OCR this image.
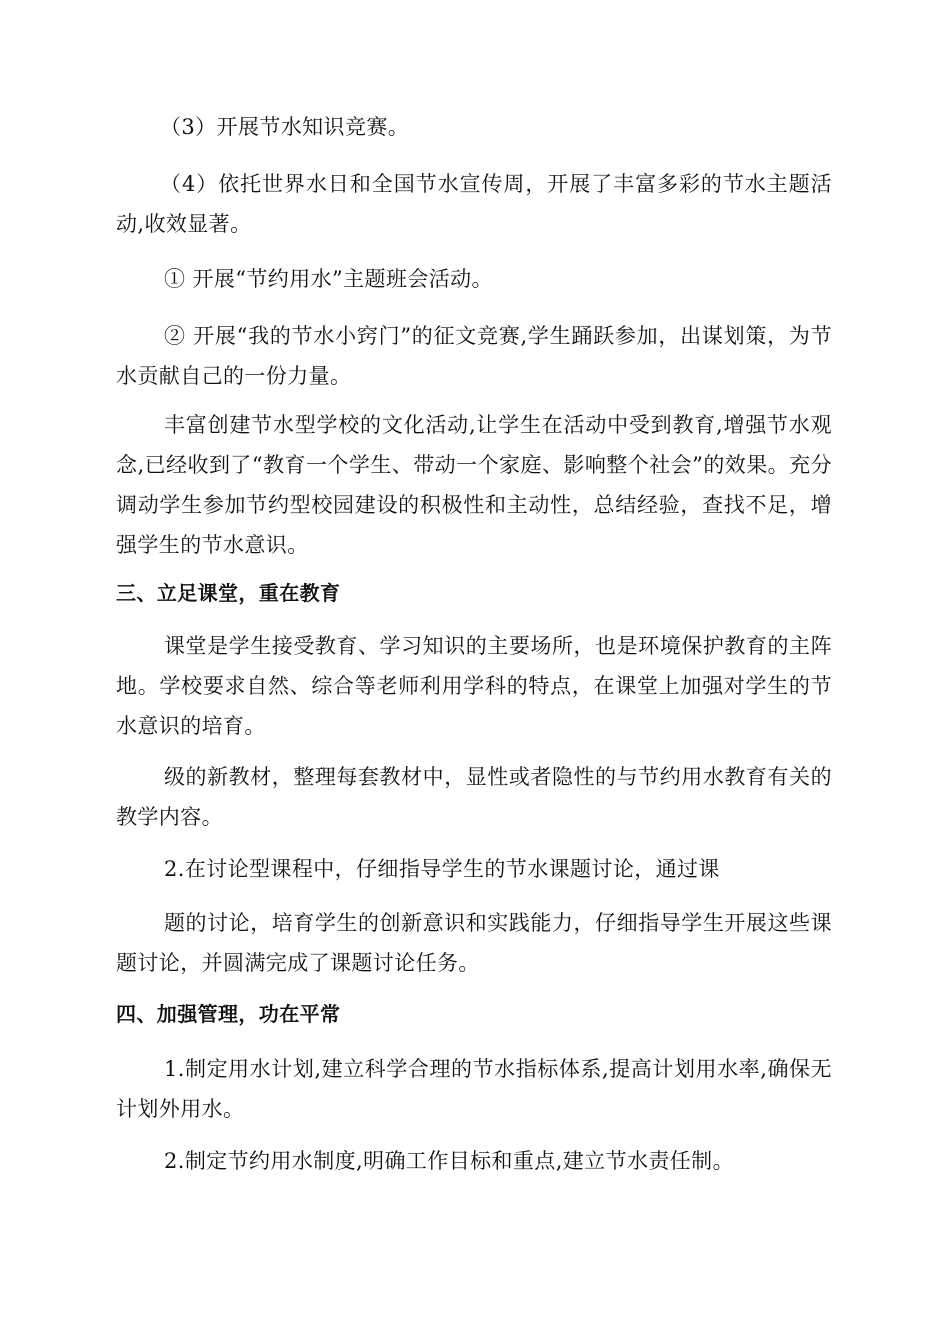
（3）开展节水知识竞赛。

（4）依托世界水日和全国节水宣传周，开展了丰富多彩的节水主题活动,收效显著。

① 开展“节约用水”主题班会活动。

② 开展“我的节水小窍门”的征文竞赛,学生踊跃参加，出谋划策，为节水贡献自己的一份力量。

丰富创建节水型学校的文化活动,让学生在活动中受到教育,增强节水观念,已经收到了“教育一个学生、带动一个家庭、影响整个社会”的效果。充分调动学生参加节约型校园建设的积极性和主动性，总结经验，查找不足，增强学生的节水意识。

三、立足课堂，重在教育

课堂是学生接受教育、学习知识的主要场所，也是环境保护教育的主阵地。学校要求自然、综合等老师利用学科的特点，在课堂上加强对学生的节水意识的培育。

级的新教材，整理每套教材中，显性或者隐性的与节约用水教育有关的教学内容。

2.在讨论型课程中，仔细指导学生的节水课题讨论，通过课

题的讨论，培育学生的创新意识和实践能力，仔细指导学生开展这些课题讨论，并圆满完成了课题讨论任务。

四、加强管理，功在平常

1.制定用水计划,建立科学合理的节水指标体系,提高计划用水率,确保无计划外用水。

2.制定节约用水制度,明确工作目标和重点,建立节水责任制。
